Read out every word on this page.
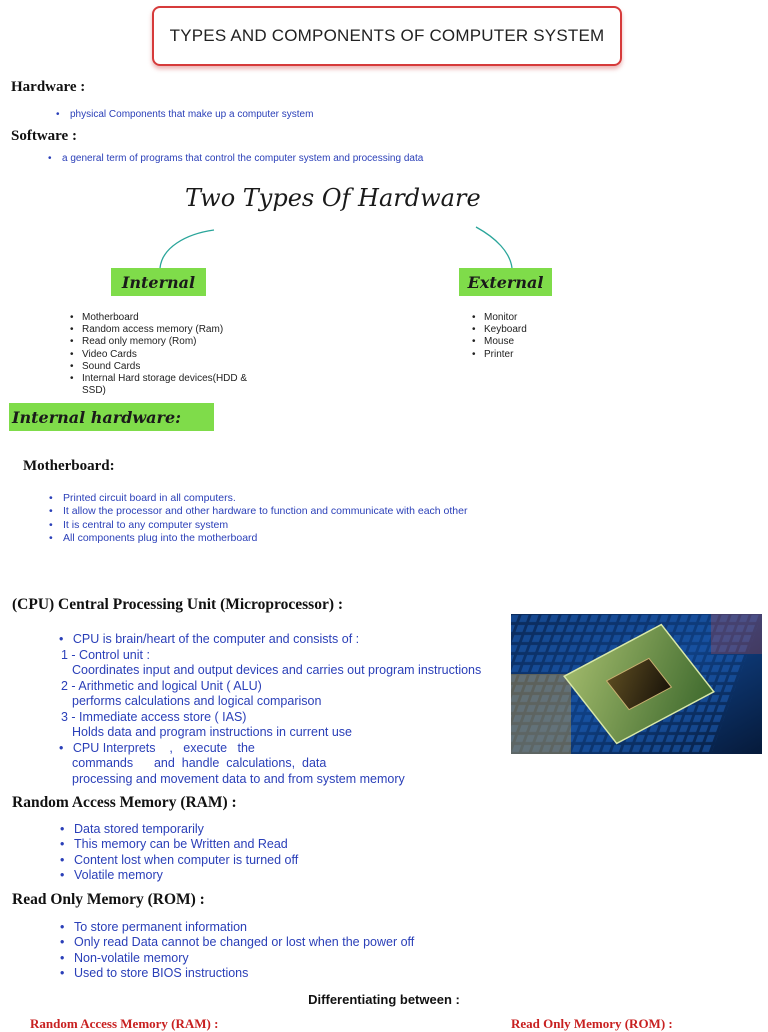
TYPES AND COMPONENTS OF COMPUTER SYSTEM
Hardware :
• physical Components that make up a computer system
Software :
• a general term of programs that control the computer system and processing data
Two Types Of Hardware
Internal	External
• Motherboard
• Random access memory (Ram)
• Read only memory (Rom)
• Video Cards
• Sound Cards
• Internal Hard storage devices(HDD &
SSD)
• Monitor
• Keyboard
• Mouse
• Printer
Internal hardware:
Motherboard:
• Printed circuit board in all computers.
• It allow the processor and other hardware to function and communicate with each other
• It is central to any computer system
• All components plug into the motherboard
(CPU) Central Processing Unit (Microprocessor) :
• CPU is brain/heart of the computer and consists of :
1 - Control unit :
Coordinates input and output devices and carries out program instructions
2 - Arithmetic and logical Unit ( ALU)
performs calculations and logical comparison
3 - Immediate access store ( IAS)
Holds data and program instructions in current use
• CPU Interprets    ,   execute   the
commands      and  handle  calculations,  data
processing and movement data to and from system memory
Random Access Memory (RAM) :
• Data stored temporarily
• This memory can be Written and Read
• Content lost when computer is turned off
• Volatile memory
Read Only Memory (ROM) :
• To store permanent information
• Only read Data cannot be changed or lost when the power off
• Non-volatile memory
• Used to store BIOS instructions
Differentiating between :
Random Access Memory (RAM) :	Read Only Memory (ROM) :
